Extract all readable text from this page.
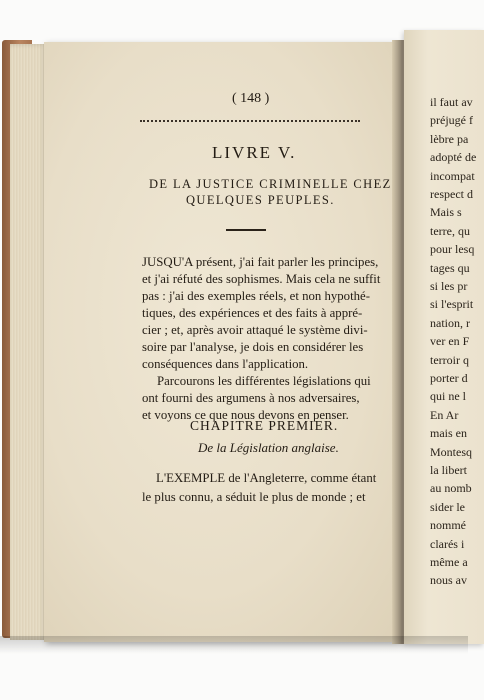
( 148 )
LIVRE V.
DE LA JUSTICE CRIMINELLE CHEZ
QUELQUES PEUPLES.
JUSQU'A présent, j'ai fait parler les principes,
et j'ai réfuté des sophismes. Mais cela ne suffit
pas : j'ai des exemples réels, et non hypothé-
tiques, des expériences et des faits à appré-
cier ; et, après avoir attaqué le système divi-
soire par l'analyse, je dois en considérer les
conséquences dans l'application.
Parcourons les différentes législations qui
ont fourni des argumens à nos adversaires,
CHAPITRE PREMIER.
De la Législation anglaise.
L'EXEMPLE de l'Angleterre, comme étant
le plus connu, a séduit le plus de monde ; et
il faut av
préjugé f
lèbre pa
adopté de
incompat
respect d
Mais s
terre, qu
pour lesq
tages qu
si les pr
si l'esprit
nation, r
ver en F
terroir q
porter d
qui ne l
En Ar
mais en
Montesq
la libert
au nomb
sider le
nommé
clarés i
même a
nous av
et voyons ce que nous devons en penser.
